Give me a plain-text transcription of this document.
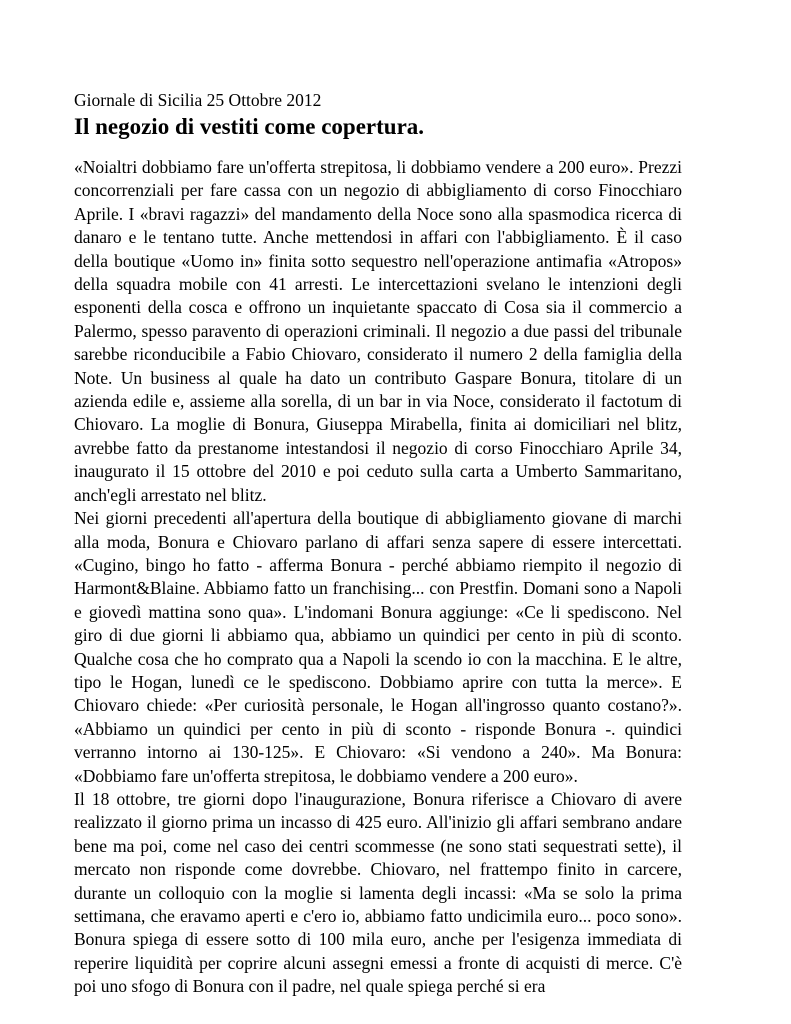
Giornale di Sicilia 25 Ottobre 2012

Il negozio di vestiti come copertura.

«Noialtri dobbiamo fare un'offerta strepitosa, li dobbiamo vendere a 200 euro». Prezzi concorrenziali per fare cassa con un negozio di abbigliamento di corso Finocchiaro Aprile. I «bravi ragazzi» del mandamento della Noce sono alla spasmodica ricerca di danaro e le tentano tutte. Anche mettendosi in affari con l'abbigliamento. È il caso della boutique «Uomo in» finita sotto sequestro nell'operazione antimafia «Atropos» della squadra mobile con 41 arresti. Le intercettazioni svelano le intenzioni degli esponenti della cosca e offrono un inquietante spaccato di Cosa sia il commercio a Palermo, spesso paravento di operazioni criminali. Il negozio a due passi del tribunale sarebbe riconducibile a Fabio Chiovaro, considerato il numero 2 della famiglia della Note. Un business al quale ha dato un contributo Gaspare Bonura, titolare di un azienda edile e, assieme alla sorella, di un bar in via Noce, considerato il factotum di Chiovaro. La moglie di Bonura, Giuseppa Mirabella, finita ai domiciliari nel blitz, avrebbe fatto da prestanome intestandosi il negozio di corso Finocchiaro Aprile 34, inaugurato il 15 ottobre del 2010 e poi ceduto sulla carta a Umberto Sammaritano, anch'egli arrestato nel blitz.

Nei giorni precedenti all'apertura della boutique di abbigliamento giovane di marchi alla moda, Bonura e Chiovaro parlano di affari senza sapere di essere intercettati. «Cugino, bingo ho fatto - afferma Bonura - perché abbiamo riempito il negozio di Harmont&Blaine. Abbiamo fatto un franchising... con Prestfin. Domani sono a Napoli e giovedì mattina sono qua». L'indomani Bonura aggiunge: «Ce li spediscono. Nel giro di due giorni li abbiamo qua, abbiamo un quindici per cento in più di sconto. Qualche cosa che ho comprato qua a Napoli la scendo io con la macchina. E le altre, tipo le Hogan, lunedì ce le spediscono. Dobbiamo aprire con tutta la merce». E Chiovaro chiede: «Per curiosità personale, le Hogan all'ingrosso quanto costano?». «Abbiamo un quindici per cento in più di sconto - risponde Bonura -. quindici verranno intorno ai 130-125». E Chiovaro: «Si vendono a 240». Ma Bonura: «Dobbiamo fare un'offerta strepitosa, le dobbiamo vendere a 200 euro».

Il 18 ottobre, tre giorni dopo l'inaugurazione, Bonura riferisce a Chiovaro di avere realizzato il giorno prima un incasso di 425 euro. All'inizio gli affari sembrano andare bene ma poi, come nel caso dei centri scommesse (ne sono stati sequestrati sette), il mercato non risponde come dovrebbe. Chiovaro, nel frattempo finito in carcere, durante un colloquio con la moglie si lamenta degli incassi: «Ma se solo la prima settimana, che eravamo aperti e c'ero io, abbiamo fatto undicimila euro... poco sono». Bonura spiega di essere sotto di 100 mila euro, anche per l'esigenza immediata di reperire liquidità per coprire alcuni assegni emessi a fronte di acquisti di merce. C'è poi uno sfogo di Bonura con il padre, nel quale spiega perché si era
